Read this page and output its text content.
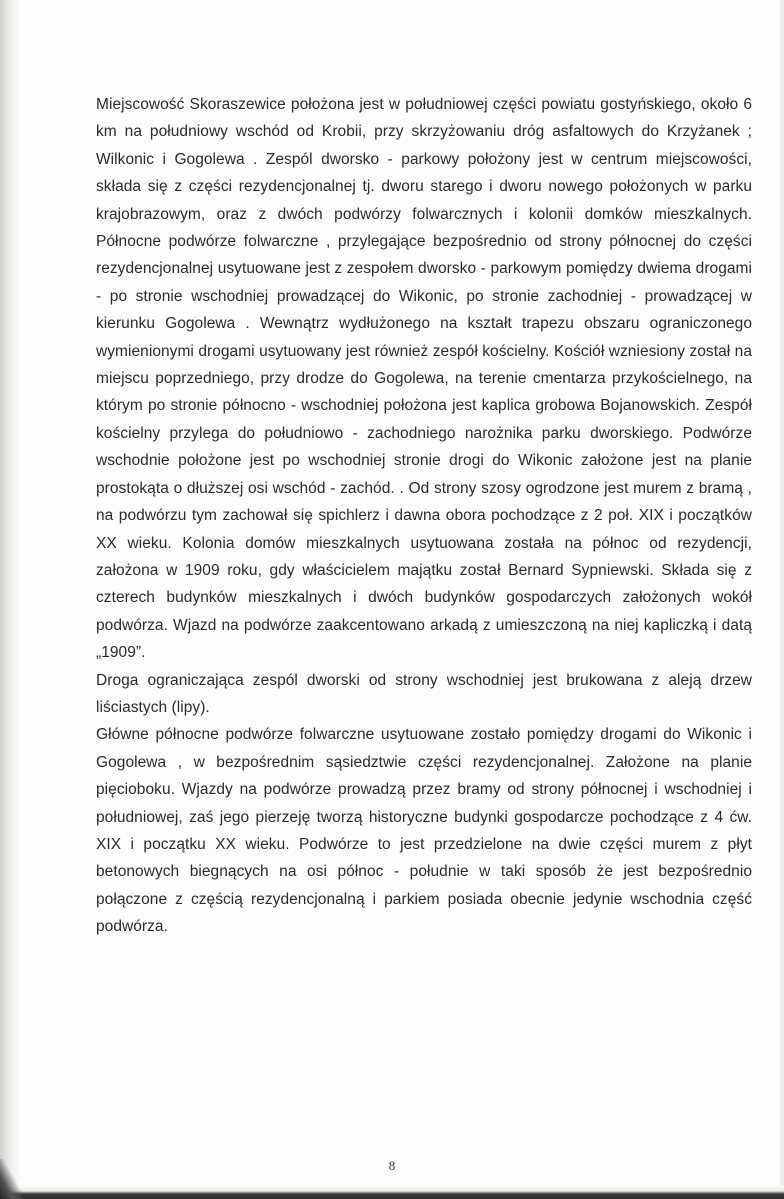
Miejscowość Skoraszewice położona jest w południowej części powiatu gostyńskiego, około 6 km na południowy wschód od Krobii, przy skrzyżowaniu dróg asfaltowych do Krzyżanek ; Wilkonic i Gogolewa . Zespól dworsko - parkowy położony jest w centrum miejscowości, składa się z części rezydencjonalnej tj. dworu starego i dworu nowego położonych w parku krajobrazowym, oraz z dwóch podwórzy folwarcznych i kolonii domków mieszkalnych. Północne podwórze folwarczne , przylegające bezpośrednio od strony północnej do części rezydencjonalnej usytuowane jest z zespołem dworsko - parkowym pomiędzy dwiema drogami - po stronie wschodniej prowadzącej do Wikonic, po stronie zachodniej - prowadzącej w kierunku Gogolewa . Wewnątrz wydłużonego na kształt trapezu obszaru ograniczonego wymienionymi drogami usytuowany jest również zespół kościelny. Kościół wzniesiony został na miejscu poprzedniego, przy drodze do Gogolewa, na terenie cmentarza przykościelnego, na którym po stronie północno - wschodniej położona jest kaplica grobowa Bojanowskich. Zespół kościelny przylega do południowo - zachodniego narożnika parku dworskiego. Podwórze wschodnie położone jest po wschodniej stronie drogi do Wikonic założone jest na planie prostokąta o dłuższej osi wschód - zachód. . Od strony szosy ogrodzone jest murem z bramą , na podwórzu tym zachował się spichlerz i dawna obora pochodzące z 2 poł. XIX i początków XX wieku. Kolonia domów mieszkalnych usytuowana została na północ od rezydencji, założona w 1909 roku, gdy właścicielem majątku został Bernard Sypniewski. Składa się z czterech budynków mieszkalnych i dwóch budynków gospodarczych założonych wokół podwórza. Wjazd na podwórze zaakcentowano arkadą z umieszczoną na niej kapliczką i datą „1909”.

Droga ograniczająca zespól dworski od strony wschodniej jest brukowana z aleją drzew liściastych (lipy).

Główne północne podwórze folwarczne usytuowane zostało pomiędzy drogami do Wikonic i Gogolewa , w bezpośrednim sąsiedztwie części rezydencjonalnej. Założone na planie pięcioboku. Wjazdy na podwórze prowadzą przez bramy od strony północnej i wschodniej i południowej, zaś jego pierzeję tworzą historyczne budynki gospodarcze pochodzące z 4 ćw. XIX i początku XX wieku. Podwórze to jest przedzielone na dwie części murem z płyt betonowych biegnących na osi północ - południe w taki sposób że jest bezpośrednio połączone z częścią rezydencjonalną i parkiem posiada obecnie jedynie wschodnia część podwórza.

8
